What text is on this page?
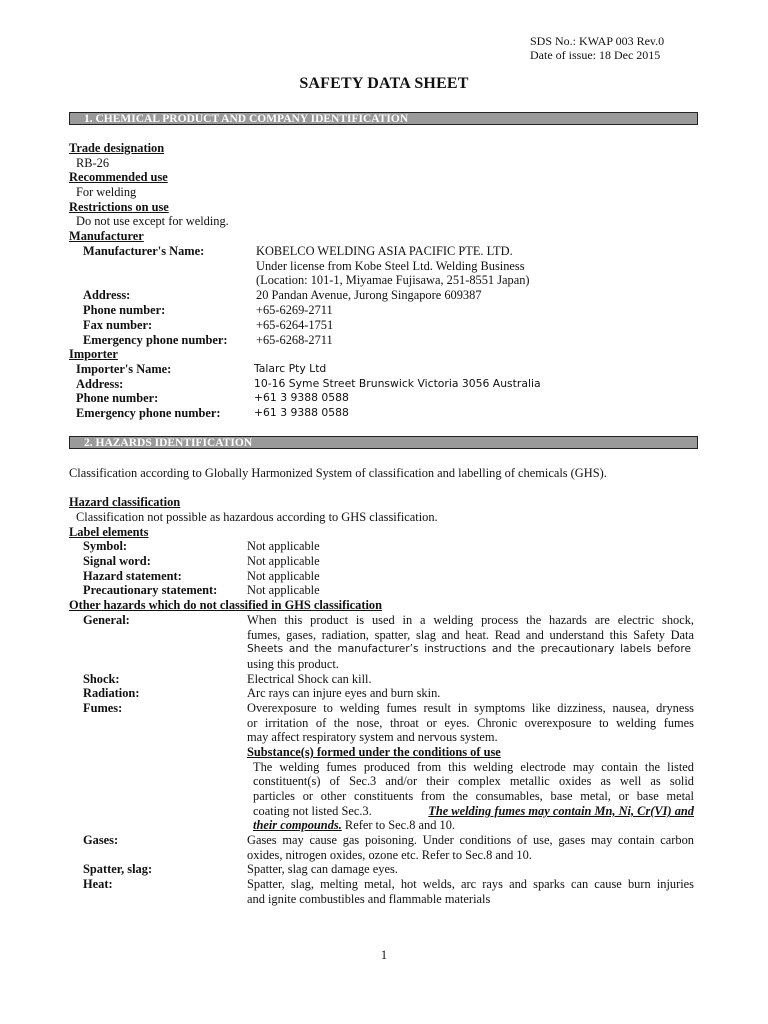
SDS No.: KWAP 003 Rev.0
Date of issue: 18 Dec 2015
SAFETY DATA SHEET
1. CHEMICAL PRODUCT AND COMPANY IDENTIFICATION
Trade designation
RB-26
Recommended use
For welding
Restrictions on use
Do not use except for welding.
Manufacturer
Manufacturer's Name:	KOBELCO WELDING ASIA PACIFIC PTE. LTD.
Under license from Kobe Steel Ltd. Welding Business
(Location: 101-1, Miyamae Fujisawa, 251-8551 Japan)
Address:	20 Pandan Avenue, Jurong Singapore 609387
Phone number:	+65-6269-2711
Fax number:	+65-6264-1751
Emergency phone number: +65-6268-2711
Importer
Importer's Name:	Talarc Pty Ltd
Address:	10-16 Syme Street Brunswick Victoria 3056 Australia
Phone number:	+61 3 9388 0588
Emergency phone number:	+61 3 9388 0588
2. HAZARDS IDENTIFICATION
Classification according to Globally Harmonized System of classification and labelling of chemicals (GHS).
Hazard classification
Classification not possible as hazardous according to GHS classification.
Label elements
Symbol:	Not applicable
Signal word:	Not applicable
Hazard statement:	Not applicable
Precautionary statement: Not applicable
Other hazards which do not classified in GHS classification
General:	When this product is used in a welding process the hazards are electric shock,
fumes, gases, radiation, spatter, slag and heat. Read and understand this Safety Data
Sheets and the manufacturer’s instructions and the precautionary labels before
using this product.
Shock:	Electrical Shock can kill.
Radiation:	Arc rays can injure eyes and burn skin.
Fumes:	Overexposure to welding fumes result in symptoms like dizziness, nausea, dryness
or irritation of the nose, throat or eyes. Chronic overexposure to welding fumes
may affect respiratory system and nervous system.
Substance(s) formed under the conditions of use
The welding fumes produced from this welding electrode may contain the listed
constituent(s) of Sec.3 and/or their complex metallic oxides as well as solid
particles or other constituents from the consumables, base metal, or base metal
coating not listed Sec.3.	The welding fumes may contain Mn, Ni, Cr(VI) and
their compounds. Refer to Sec.8 and 10.
Gases:	Gases may cause gas poisoning. Under conditions of use, gases may contain carbon
oxides, nitrogen oxides, ozone etc. Refer to Sec.8 and 10.
Spatter, slag:	Spatter, slag can damage eyes.
Heat:	Spatter, slag, melting metal, hot welds, arc rays and sparks can cause burn injuries
and ignite combustibles and flammable materials
1
